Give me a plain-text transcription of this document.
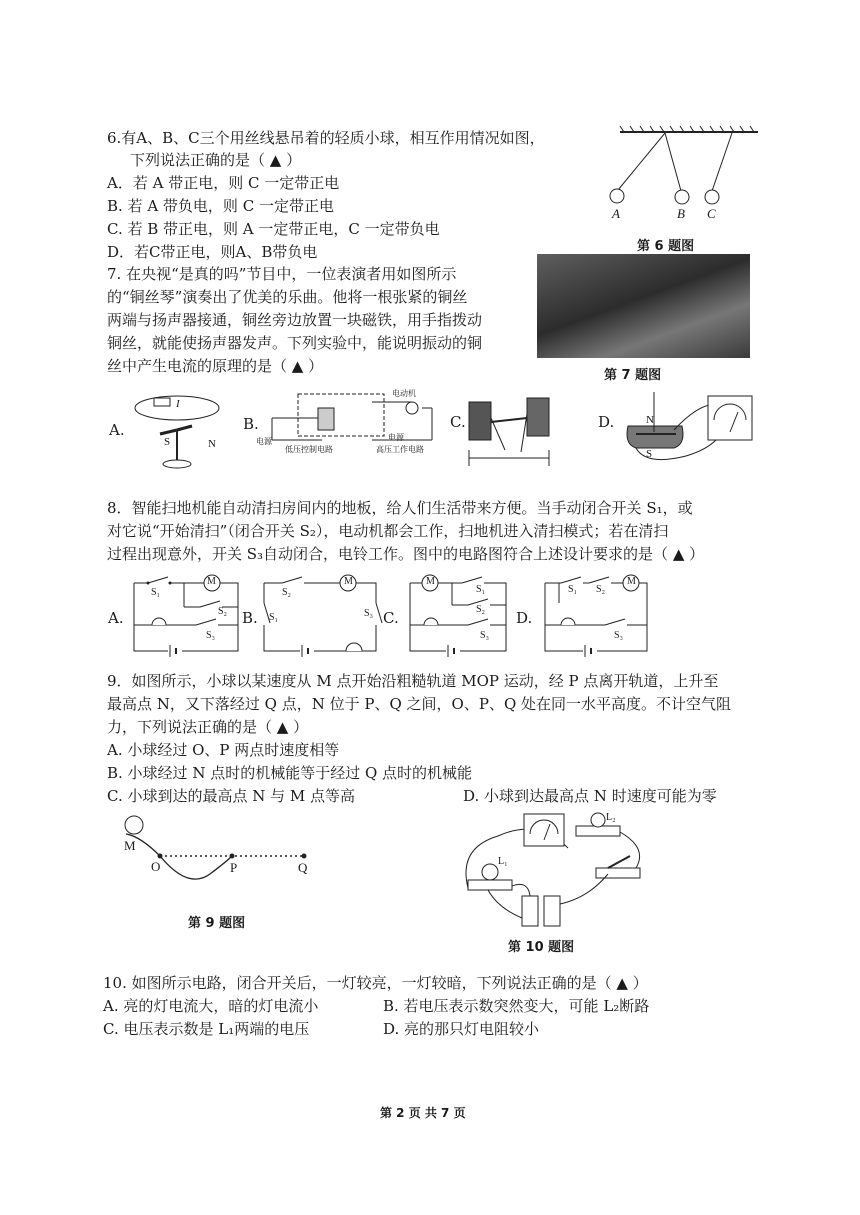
6.有A、B、C三个用丝线悬吊着的轻质小球，相互作用情况如图，
下列说法正确的是（ ▲ ）
A．若 A 带正电，则 C 一定带正电
B. 若 A 带负电，则 C 一定带正电
C. 若 B 带正电，则 A 一定带正电，C 一定带负电
D．若C带正电，则A、B带负电
A	B C
第 6 题图
7. 在央视“是真的吗”节目中，一位表演者用如图所示
的“铜丝琴”演奏出了优美的乐曲。他将一根张紧的铜丝
两端与扬声器接通，铜丝旁边放置一块磁铁，用手指拨动
铜丝，就能使扬声器发声。下列实验中，能说明振动的铜
丝中产生电流的原理的是（ ▲ ）
第 7 题图
A.
S	N
I
B.
电动机
低压控制电路	高压工作电路
电源	电源
C.	D.	N
S
8．智能扫地机能自动清扫房间内的地板，给人们生活带来方便。当手动闭合开关 S₁，或
对它说“开始清扫”（闭合开关 S₂），电动机都会工作，扫地机进入清扫模式；若在清扫
过程出现意外，开关 S₃自动闭合，电铃工作。图中的电路图符合上述设计要求的是（ ▲ ）
A.	B.	C.	D.
M
S₁
S₂
S₃
M
S₂
S₁	S₃
M
S₁
S₂
S₃
M
S₁ S₂
S₃
9．如图所示，小球以某速度从 M 点开始沿粗糙轨道 MOP 运动，经 P 点离开轨道，上升至
最高点 N，又下落经过 Q 点，N 位于 P、Q 之间，O、P、Q 处在同一水平高度。不计空气阻
力，下列说法正确的是（ ▲ ）
A. 小球经过 O、P 两点时速度相等
B. 小球经过 N 点时的机械能等于经过 Q 点时的机械能
C. 小球到达的最高点 N 与 M 点等高	D. 小球到达最高点 N 时速度可能为零
M
O	P	Q
第 9 题图
L₁
L₂
第 10 题图
10. 如图所示电路，闭合开关后，一灯较亮，一灯较暗，下列说法正确的是（ ▲ ）
A. 亮的灯电流大，暗的灯电流小	B. 若电压表示数突然变大，可能 L₂断路
C. 电压表示数是 L₁两端的电压	D. 亮的那只灯电阻较小
第 2 页 共 7 页
